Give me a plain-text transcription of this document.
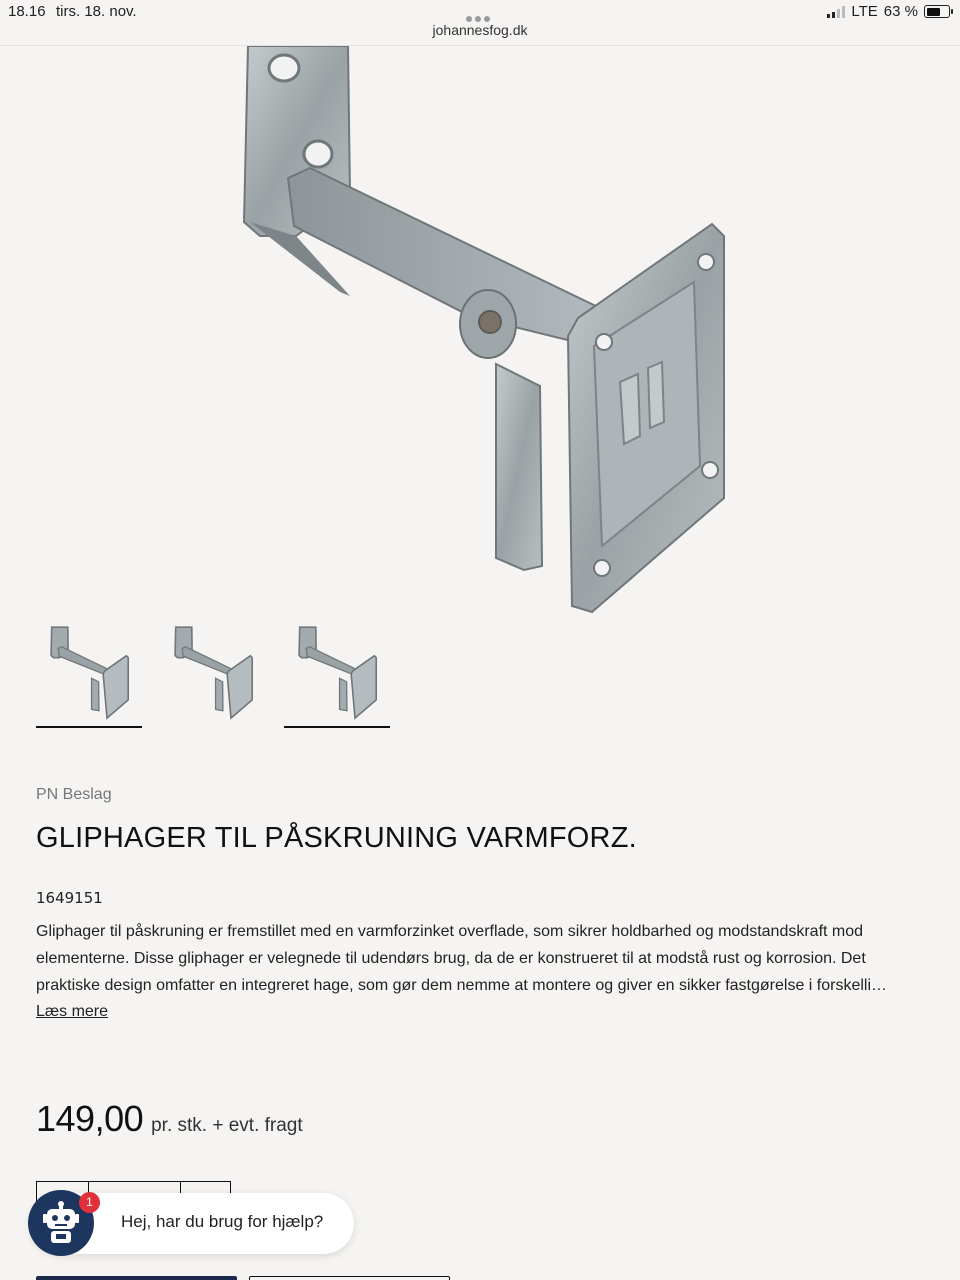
18.16 tirs. 18. nov.
johannesfog.dk
LTE 63 %
PN Beslag
GLIPHAGER TIL PÅSKRUNING VARMFORZ.
1649151

Gliphager til påskruning er fremstillet med en varmforzinket overflade, som sikrer holdbarhed og modstandskraft mod elementerne. Disse gliphager er velegnede til udendørs brug, da de er konstrueret til at modstå rust og korrosion. Det praktiske design omfatter en integreret hage, som gør dem nemme at montere og giver en sikker fastgørelse i forskelli…

Læs mere
149,00 pr. stk. + evt. fragt
Hej, har du brug for hjælp?
1
